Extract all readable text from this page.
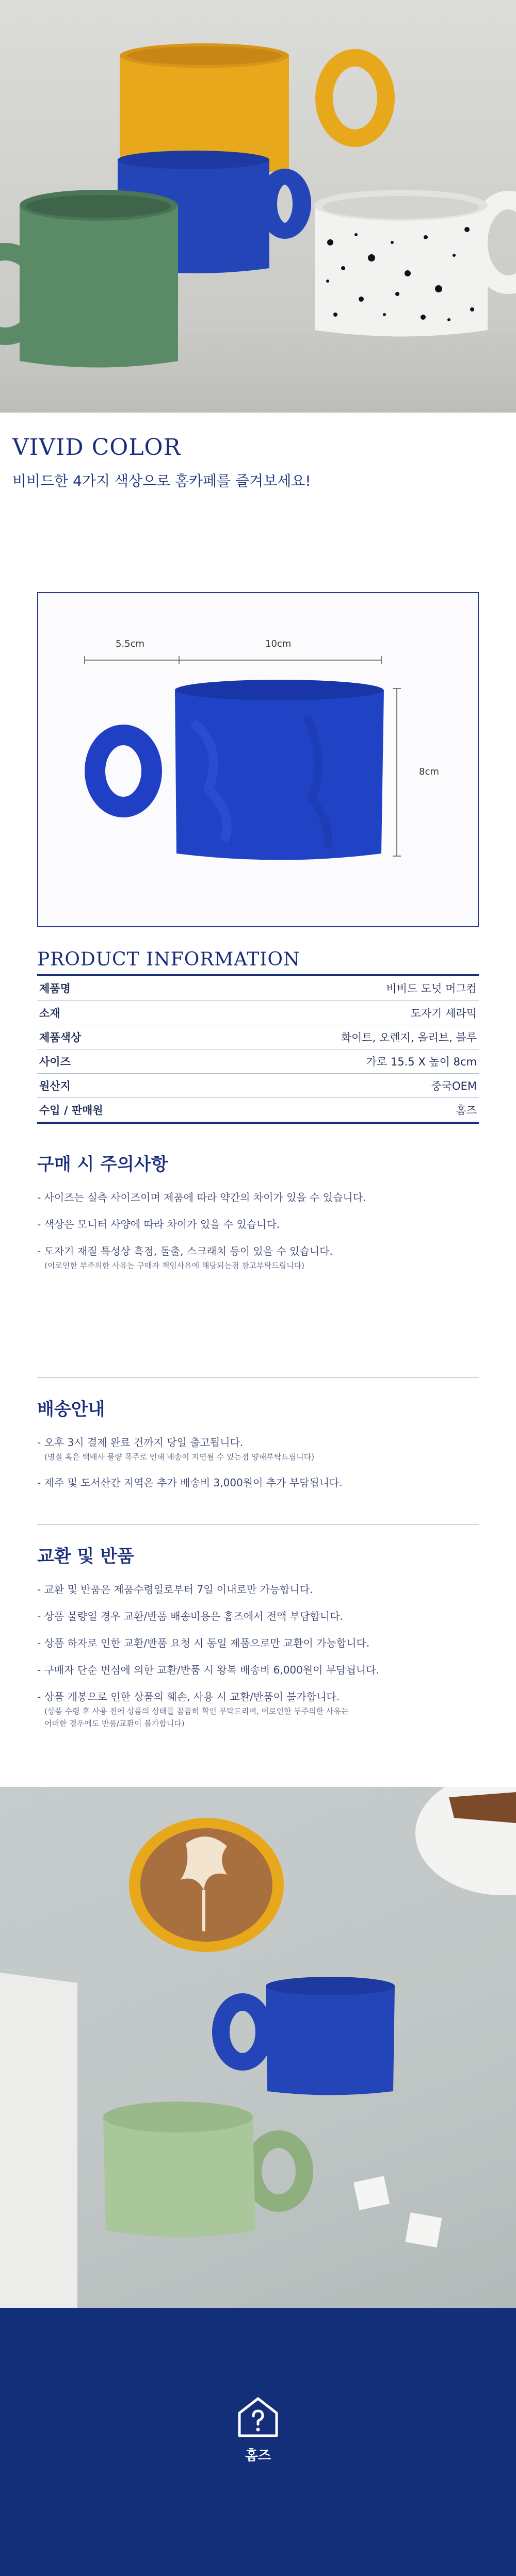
VIVID COLOR

비비드한 4가지 색상으로 홈카페를 즐겨보세요!

5.5cm	10cm
8cm
PRODUCT INFORMATION
제품명	비비드 도넛 머그컵
소재	도자기 세라믹
제품색상	화이트, 오렌지, 올리브, 블루
사이즈	가로 15.5 X 높이 8cm
원산지	중국OEM
수입 / 판매원	홈즈
구매 시 주의사항
- 사이즈는 실측 사이즈이며 제품에 따라 약간의 차이가 있을 수 있습니다.
- 색상은 모니터 사양에 따라 차이가 있을 수 있습니다.
- 도자기 재질 특성상 흑점, 돌출, 스크래치 등이 있을 수 있습니다.
(이로인한 부주의한 사유는 구매자 책임사유에 해당되는점 참고부탁드립니다)
배송안내
- 오후 3시 결제 완료 건까지 당일 출고됩니다.
(명절 혹은 택배사 물량 폭주로 인해 배송이 지연될 수 있는점 양해부탁드립니다)
- 제주 및 도서산간 지역은 추가 배송비 3,000원이 추가 부담됩니다.
교환 및 반품
- 교환 및 반품은 제품수령일로부터 7일 이내로만 가능합니다.
- 상품 불량일 경우 교환/반품 배송비용은 홈즈에서 전액 부담합니다.
- 상품 하자로 인한 교환/반품 요청 시 동일 제품으로만 교환이 가능합니다.
- 구매자 단순 변심에 의한 교환/반품 시 왕복 배송비 6,000원이 부담됩니다.
- 상품 개봉으로 인한 상품의 훼손, 사용 시 교환/반품이 불가합니다.
(상품 수령 후 사용 전에 상품의 상태를 꼼꼼히 확인 부탁드리며, 이로인한 부주의한 사유는
어떠한 경우에도 반품/교환이 불가합니다)
홈즈
